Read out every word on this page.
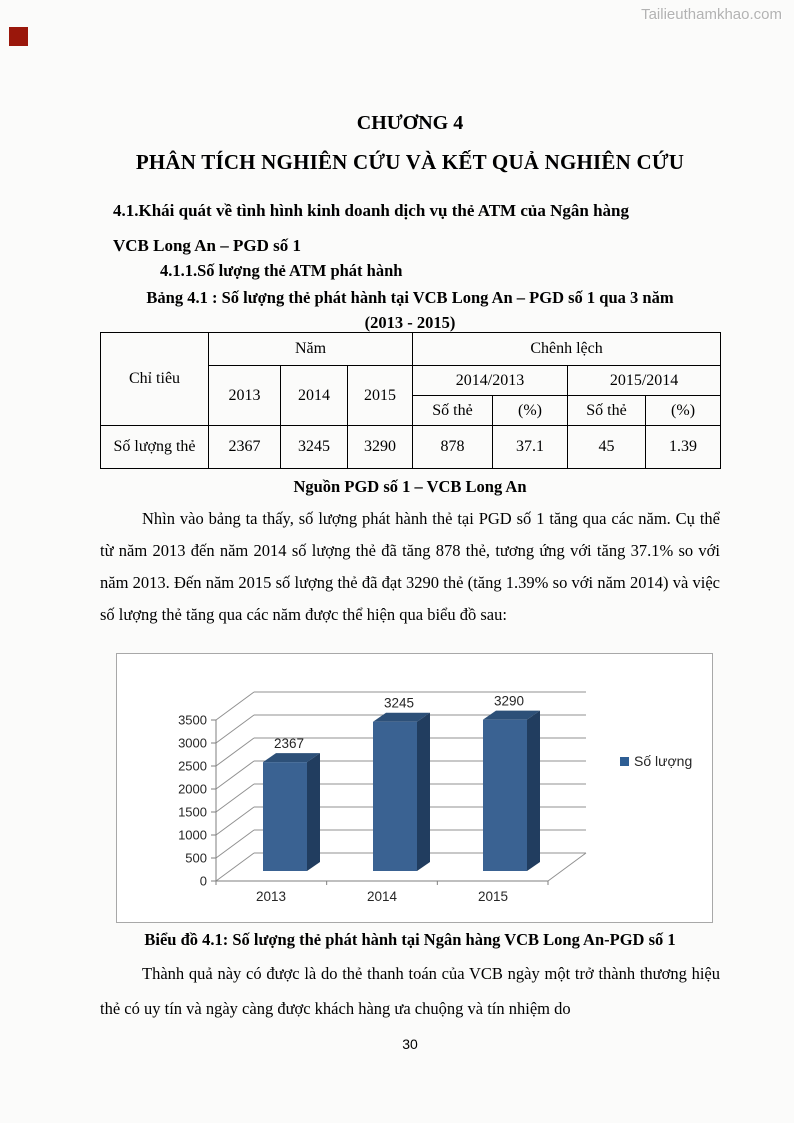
Tailieuthamkhao.com
CHƯƠNG 4
PHÂN TÍCH NGHIÊN CỨU VÀ KẾT QUẢ NGHIÊN CỨU
4.1.Khái quát về tình hình kinh doanh dịch vụ thẻ ATM của Ngân hàng
VCB Long An – PGD số 1
4.1.1.Số lượng thẻ ATM phát hành
Bảng 4.1 : Số lượng thẻ phát hành tại VCB Long An – PGD số 1 qua 3 năm
(2013 - 2015)
Chỉ tiêu	Năm			Chênh lệch			
	2013	2014	2015	2014/2013		2015/2014	
				Số thẻ	(%)	Số thẻ	(%)
Số lượng thẻ	2367	3245	3290	878	37.1	45	1.39
Nguồn PGD số 1 – VCB Long An
Nhìn vào bảng ta thấy, số lượng phát hành thẻ tại PGD số 1 tăng qua các năm. Cụ thể từ năm 2013 đến năm 2014 số lượng thẻ đã tăng 878 thẻ, tương ứng với tăng 37.1% so với năm 2013. Đến năm 2015 số lượng thẻ đã đạt 3290 thẻ (tăng 1.39% so với năm 2014) và việc số lượng thẻ tăng qua các năm được thể hiện qua biểu đồ sau:
0
500
1000
1500
2000
2500
3000
3500
2367
2013
3245
2014
3290
2015
Số lượng
Biểu đồ 4.1: Số lượng thẻ phát hành tại Ngân hàng VCB Long An-PGD số 1
Thành quả này có được là do thẻ thanh toán của VCB ngày một trở thành thương hiệu thẻ có uy tín và ngày càng được khách hàng ưa chuộng và tín nhiệm do
30
